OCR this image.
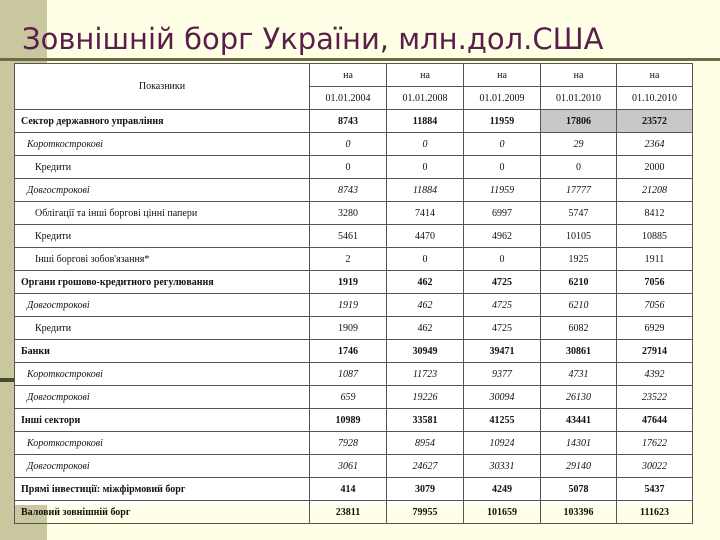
Зовнішній борг України, млн.дол.США
Показники	на	на	на	на	на
	01.01.2004	01.01.2008	01.01.2009	01.01.2010	01.10.2010
Сектор державного управління	8743	11884	11959	17806	23572
Короткострокові	0	0	0	29	2364
Кредити	0	0	0	0	2000
Довгострокові	8743	11884	11959	17777	21208
Облігації та інші боргові цінні папери	3280	7414	6997	5747	8412
Кредити	5461	4470	4962	10105	10885
Інші боргові зобов'язання*	2	0	0	1925	1911
Органи грошово-кредитного регулювання	1919	462	4725	6210	7056
Довгострокові	1919	462	4725	6210	7056
Кредити	1909	462	4725	6082	6929
Банки	1746	30949	39471	30861	27914
Короткострокові	1087	11723	9377	4731	4392
Довгострокові	659	19226	30094	26130	23522
Інші сектори	10989	33581	41255	43441	47644
Короткострокові	7928	8954	10924	14301	17622
Довгострокові	3061	24627	30331	29140	30022
Прямі інвестиції: міжфірмовий борг	414	3079	4249	5078	5437
Валовий зовнішній борг	23811	79955	101659	103396	111623
